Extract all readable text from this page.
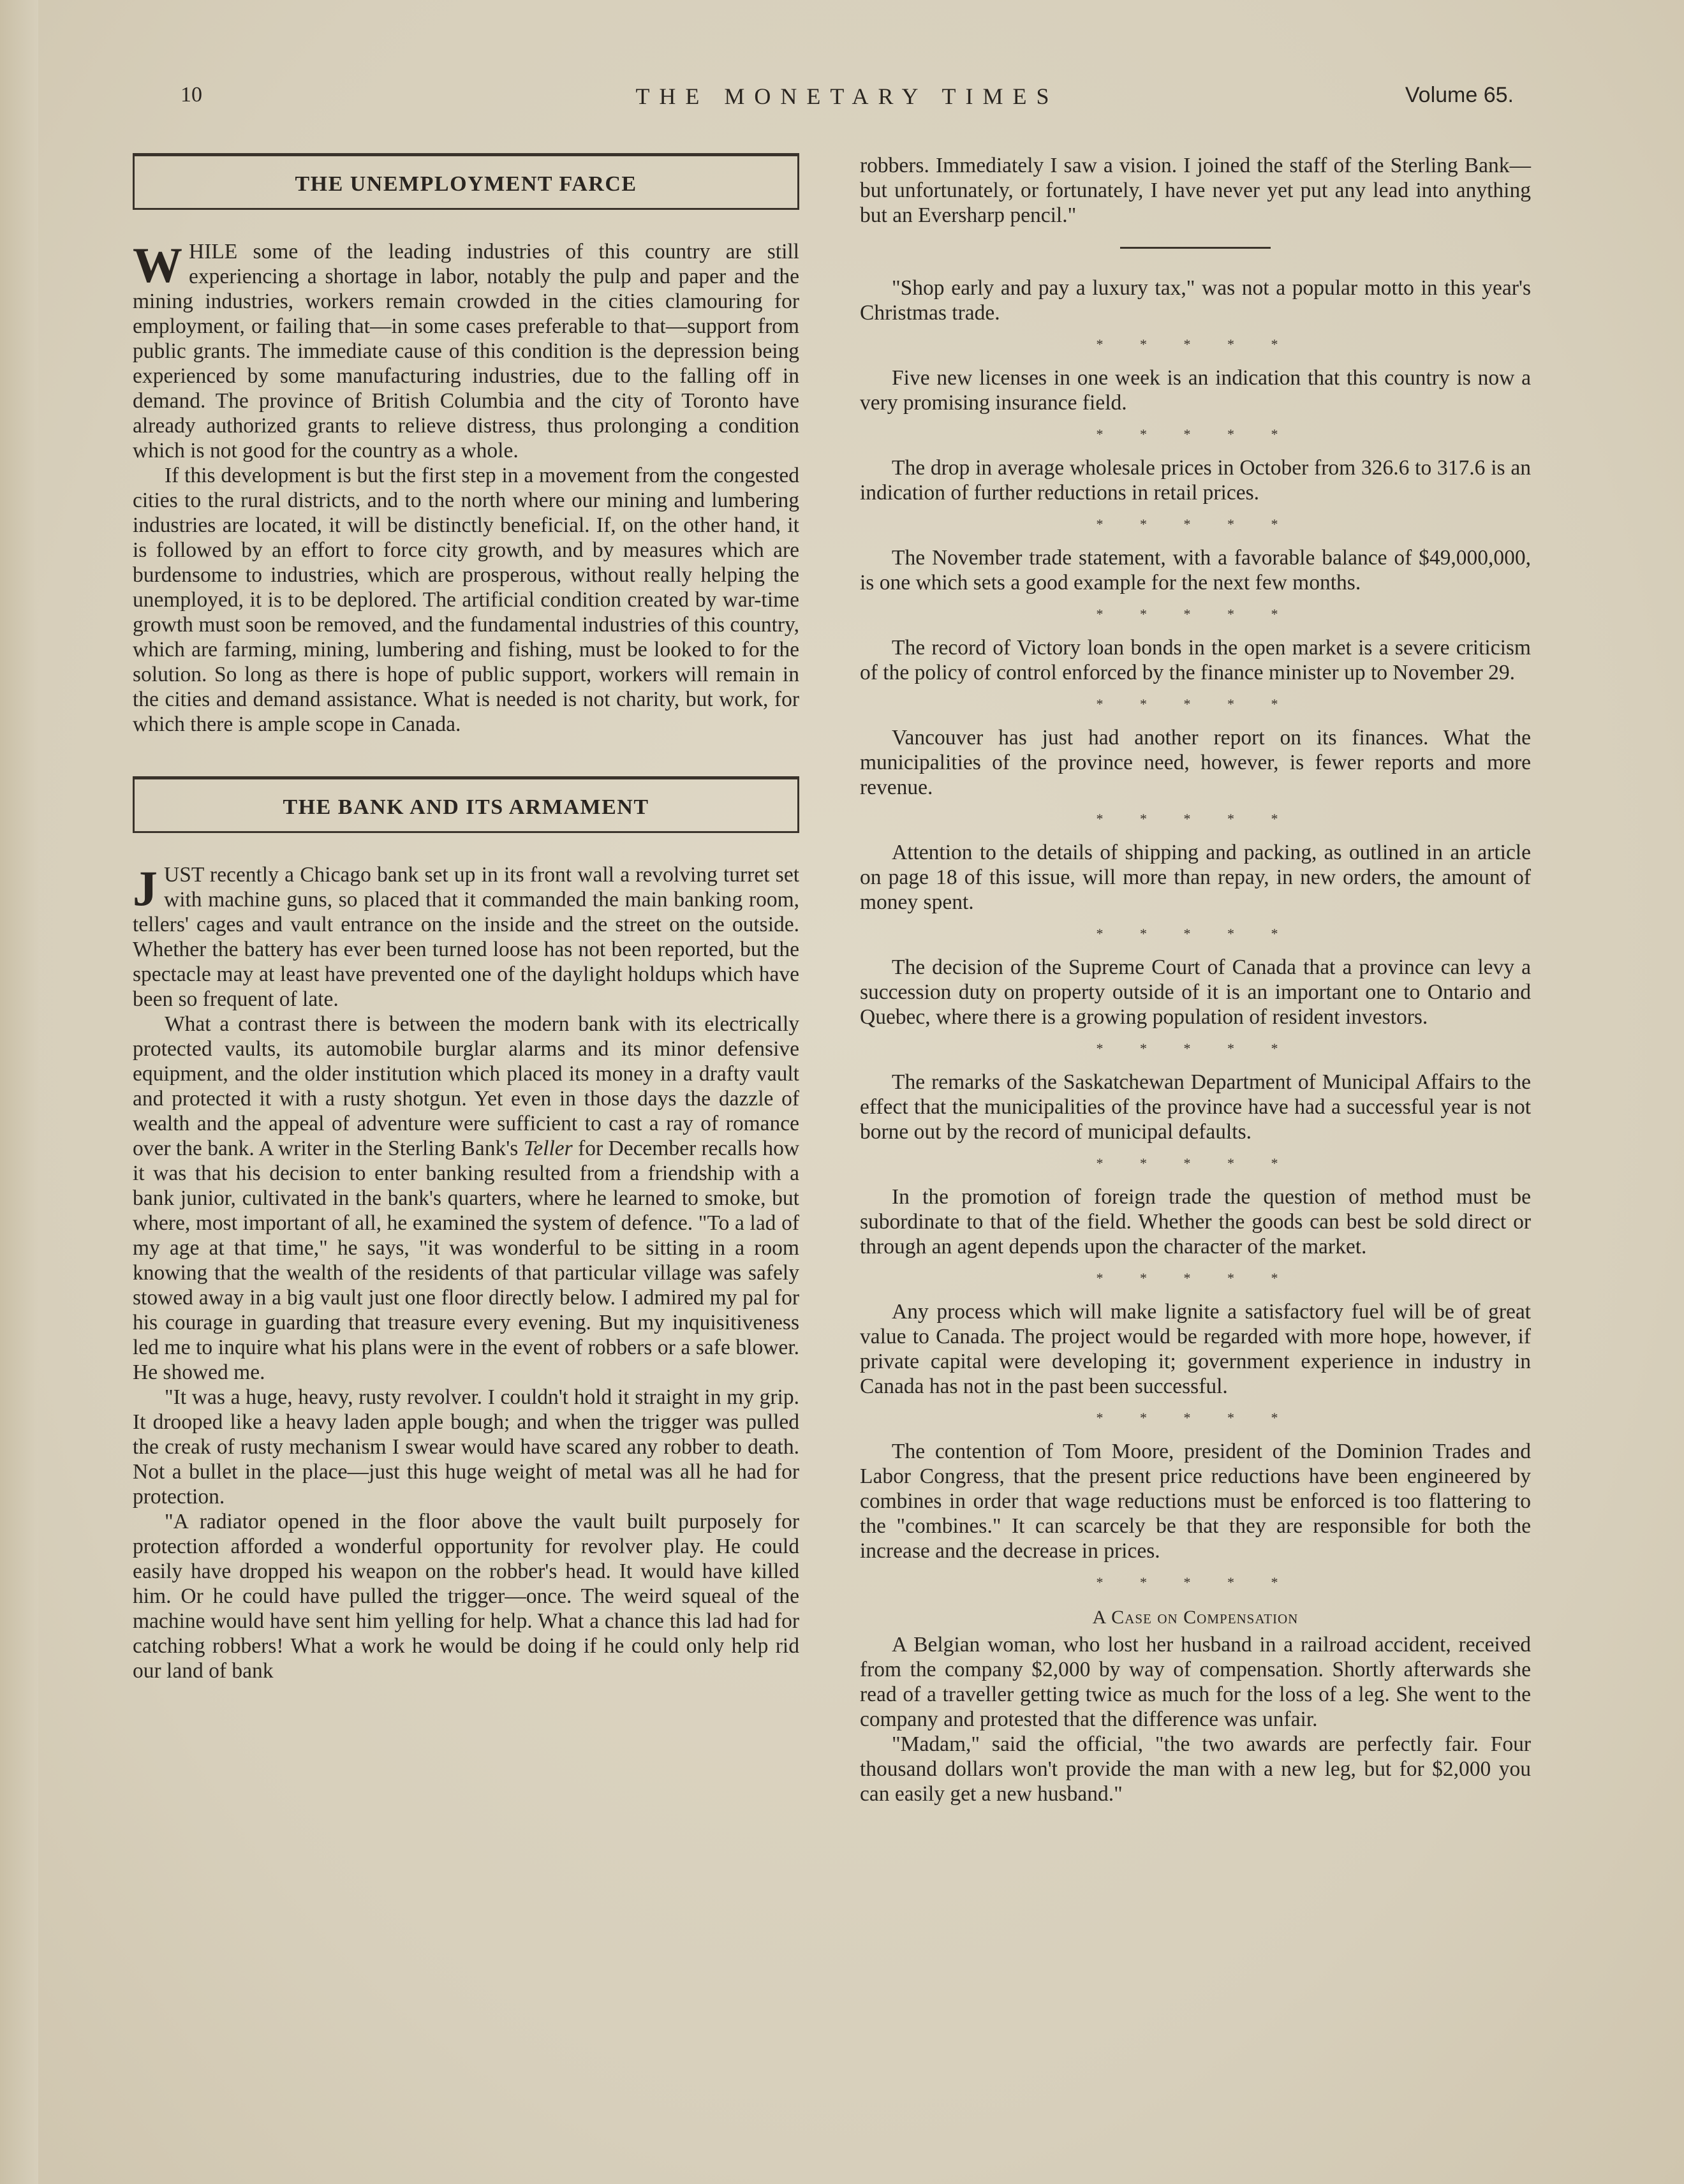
10	THE MONETARY TIMES	Volume 65.
THE UNEMPLOYMENT FARCE

WHILE some of the leading industries of this country are still experiencing a shortage in labor, notably the pulp and paper and the mining industries, workers remain crowded in the cities clamouring for employment, or failing that—in some cases preferable to that—support from public grants. The immediate cause of this condition is the depression being experienced by some manufacturing industries, due to the falling off in demand. The province of British Columbia and the city of Toronto have already authorized grants to relieve distress, thus prolonging a condition which is not good for the country as a whole.

If this development is but the first step in a movement from the congested cities to the rural districts, and to the north where our mining and lumbering industries are located, it will be distinctly beneficial. If, on the other hand, it is followed by an effort to force city growth, and by measures which are burdensome to industries, which are prosperous, without really helping the unemployed, it is to be deplored. The artificial condition created by war-time growth must soon be removed, and the fundamental industries of this country, which are farming, mining, lumbering and fishing, must be looked to for the solution. So long as there is hope of public support, workers will remain in the cities and demand assistance. What is needed is not charity, but work, for which there is ample scope in Canada.

THE BANK AND ITS ARMAMENT

JUST recently a Chicago bank set up in its front wall a revolving turret set with machine guns, so placed that it commanded the main banking room, tellers' cages and vault entrance on the inside and the street on the outside. Whether the battery has ever been turned loose has not been reported, but the spectacle may at least have prevented one of the daylight holdups which have been so frequent of late.

What a contrast there is between the modern bank with its electrically protected vaults, its automobile burglar alarms and its minor defensive equipment, and the older institution which placed its money in a drafty vault and protected it with a rusty shotgun. Yet even in those days the dazzle of wealth and the appeal of adventure were sufficient to cast a ray of romance over the bank. A writer in the Sterling Bank's Teller for December recalls how it was that his decision to enter banking resulted from a friendship with a bank junior, cultivated in the bank's quarters, where he learned to smoke, but where, most important of all, he examined the system of defence. "To a lad of my age at that time," he says, "it was wonderful to be sitting in a room knowing that the wealth of the residents of that particular village was safely stowed away in a big vault just one floor directly below. I admired my pal for his courage in guarding that treasure every evening. But my inquisitiveness led me to inquire what his plans were in the event of robbers or a safe blower. He showed me.

"It was a huge, heavy, rusty revolver. I couldn't hold it straight in my grip. It drooped like a heavy laden apple bough; and when the trigger was pulled the creak of rusty mechanism I swear would have scared any robber to death. Not a bullet in the place—just this huge weight of metal was all he had for protection.

"A radiator opened in the floor above the vault built purposely for protection afforded a wonderful opportunity for revolver play. He could easily have dropped his weapon on the robber's head. It would have killed him. Or he could have pulled the trigger—once. The weird squeal of the machine would have sent him yelling for help. What a chance this lad had for catching robbers! What a work he would be doing if he could only help rid our land of bank

robbers. Immediately I saw a vision. I joined the staff of the Sterling Bank—but unfortunately, or fortunately, I have never yet put any lead into anything but an Eversharp pencil."

"Shop early and pay a luxury tax," was not a popular motto in this year's Christmas trade.

* * * * *

Five new licenses in one week is an indication that this country is now a very promising insurance field.

* * * * *

The drop in average wholesale prices in October from 326.6 to 317.6 is an indication of further reductions in retail prices.

* * * * *

The November trade statement, with a favorable balance of $49,000,000, is one which sets a good example for the next few months.

* * * * *

The record of Victory loan bonds in the open market is a severe criticism of the policy of control enforced by the finance minister up to November 29.

* * * * *

Vancouver has just had another report on its finances. What the municipalities of the province need, however, is fewer reports and more revenue.

* * * * *

Attention to the details of shipping and packing, as outlined in an article on page 18 of this issue, will more than repay, in new orders, the amount of money spent.

* * * * *

The decision of the Supreme Court of Canada that a province can levy a succession duty on property outside of it is an important one to Ontario and Quebec, where there is a growing population of resident investors.

* * * * *

The remarks of the Saskatchewan Department of Municipal Affairs to the effect that the municipalities of the province have had a successful year is not borne out by the record of municipal defaults.

* * * * *

In the promotion of foreign trade the question of method must be subordinate to that of the field. Whether the goods can best be sold direct or through an agent depends upon the character of the market.

* * * * *

Any process which will make lignite a satisfactory fuel will be of great value to Canada. The project would be regarded with more hope, however, if private capital were developing it; government experience in industry in Canada has not in the past been successful.

* * * * *

The contention of Tom Moore, president of the Dominion Trades and Labor Congress, that the present price reductions have been engineered by combines in order that wage reductions must be enforced is too flattering to the "combines." It can scarcely be that they are responsible for both the increase and the decrease in prices.

* * * * *
A Case on Compensation

A Belgian woman, who lost her husband in a railroad accident, received from the company $2,000 by way of compensation. Shortly afterwards she read of a traveller getting twice as much for the loss of a leg. She went to the company and protested that the difference was unfair.

"Madam," said the official, "the two awards are perfectly fair. Four thousand dollars won't provide the man with a new leg, but for $2,000 you can easily get a new husband."
